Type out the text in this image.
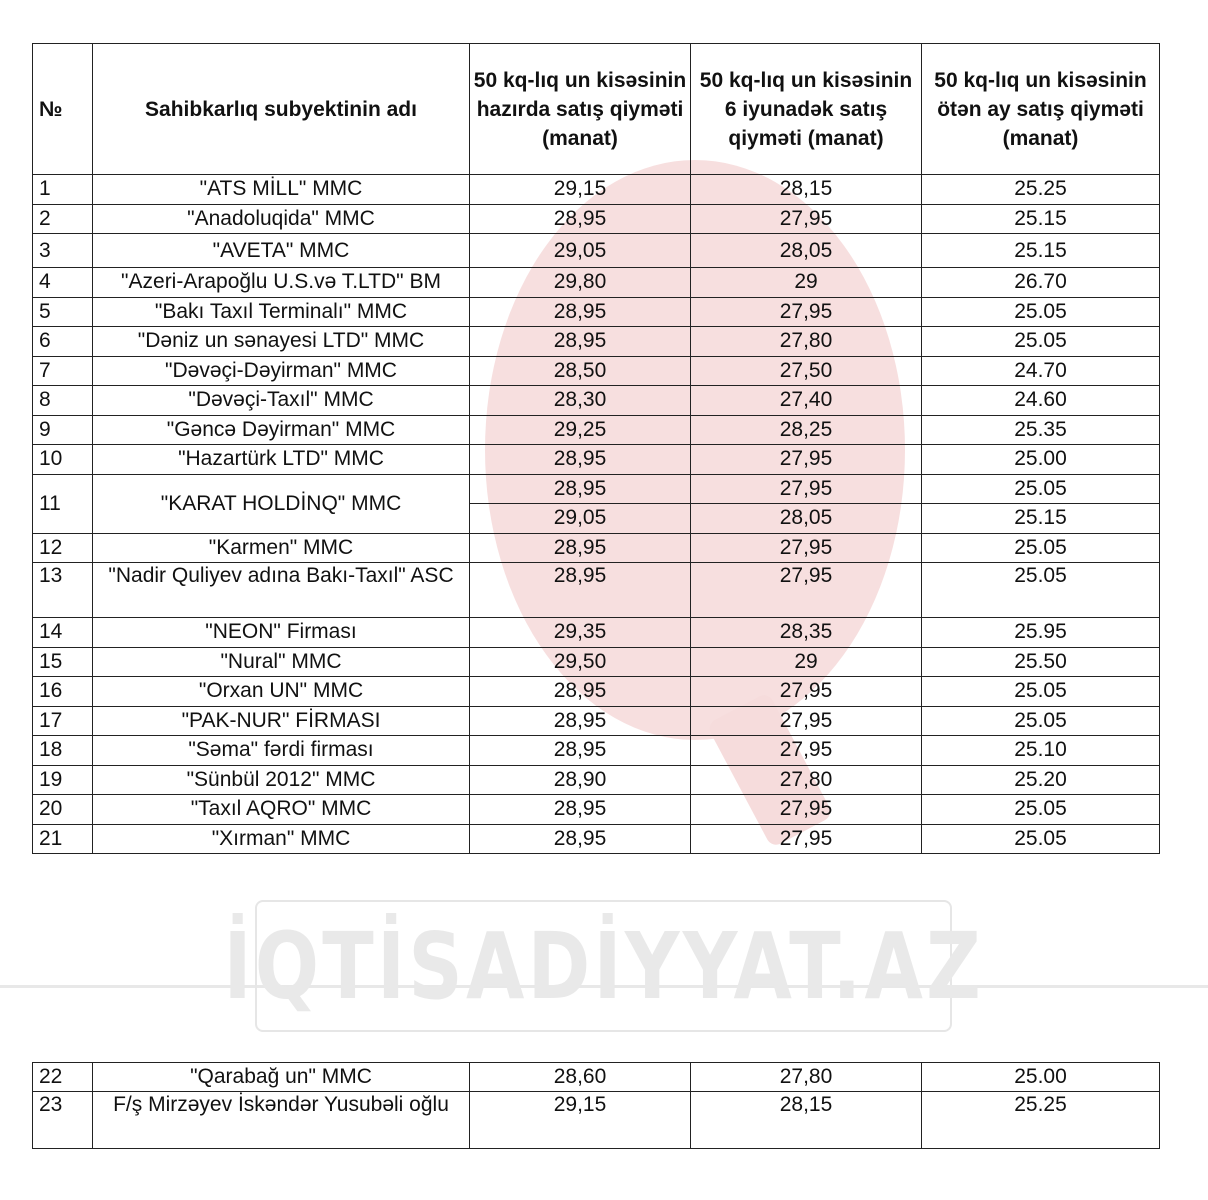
№	Sahibkarlıq subyektinin adı	50 kq-lıq un kisəsinin hazırda satış qiyməti (manat)	50 kq-lıq un kisəsinin 6 iyunadək satış qiyməti (manat)	50 kq-lıq un kisəsinin ötən ay satış qiyməti (manat)
1	"ATS MİLL" MMC	29,15	28,15	25.25
2	"Anadoluqida" MMC	28,95	27,95	25.15
3	"AVETA" MMC	29,05	28,05	25.15
4	"Azeri-Arapoğlu U.S.və T.LTD" BM	29,80	29	26.70
5	"Bakı Taxıl Terminalı" MMC	28,95	27,95	25.05
6	"Dəniz un sənayesi LTD" MMC	28,95	27,80	25.05
7	"Dəvəçi-Dəyirman" MMC	28,50	27,50	24.70
8	"Dəvəçi-Taxıl" MMC	28,30	27,40	24.60
9	"Gəncə Dəyirman" MMC	29,25	28,25	25.35
10	"Hazartürk LTD" MMC	28,95	27,95	25.00
11	"KARAT HOLDİNQ" MMC	28,95	27,95	25.05
		29,05	28,05	25.15
12	"Karmen" MMC	28,95	27,95	25.05
13	"Nadir Quliyev adına Bakı-Taxıl" ASC	28,95	27,95	25.05
14	"NEON" Firması	29,35	28,35	25.95
15	"Nural" MMC	29,50	29	25.50
16	"Orxan UN" MMC	28,95	27,95	25.05
17	"PAK-NUR" FİRMASI	28,95	27,95	25.05
18	"Səma" fərdi firması	28,95	27,95	25.10
19	"Sünbül 2012" MMC	28,90	27,80	25.20
20	"Taxıl AQRO" MMC	28,95	27,95	25.05
21	"Xırman" MMC	28,95	27,95	25.05
İQTİSADİYYAT.AZ
22	"Qarabağ un" MMC	28,60	27,80	25.00
23	F/ş Mirzəyev İskəndər Yusubəli oğlu	29,15	28,15	25.25
